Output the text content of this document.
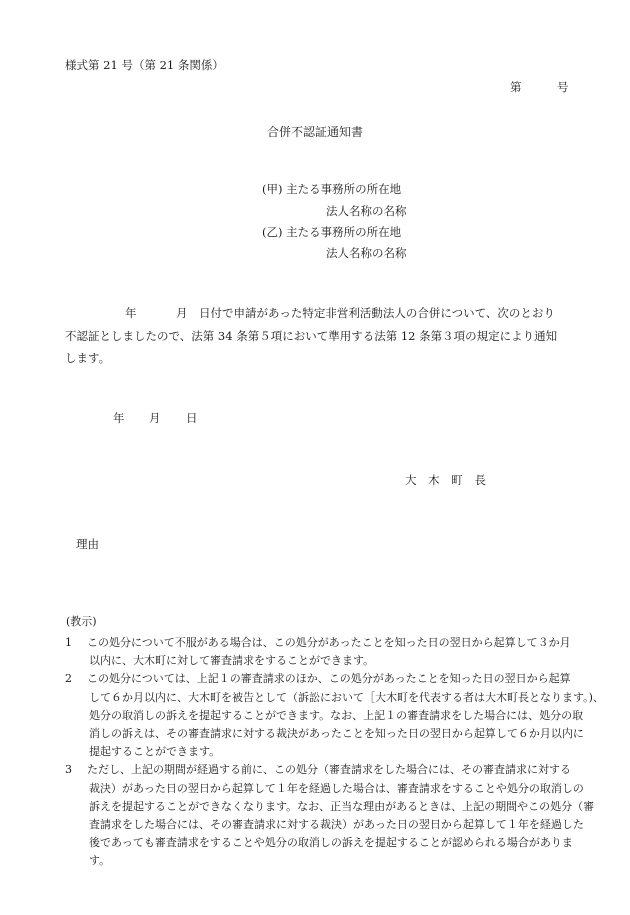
様式第 21 号（第 21 条関係）
第	号
合併不認証通知書
(甲) 主たる事務所の所在地
法人名称の名称
(乙) 主たる事務所の所在地
法人名称の名称
年	月 日付で申請があった特定非営利活動法人の合併について、次のとおり
不認証としましたので、法第 34 条第５項において準用する法第 12 条第３項の規定により通知
します。
年 月 日
大 木 町 長
理由
(教示)
1	この処分について不服がある場合は、この処分があったことを知った日の翌日から起算して３か月
以内に、大木町に対して審査請求をすることができます。
2	この処分については、上記１の審査請求のほか、この処分があったことを知った日の翌日から起算
して６か月以内に、大木町を被告として（訴訟において［大木町を代表する者は大木町長となります。)、
処分の取消しの訴えを提起することができます。なお、上記１の審査請求をした場合には、処分の取
消しの訴えは、その審査請求に対する裁決があったことを知った日の翌日から起算して６か月以内に
提起することができます。
3	ただし、上記の期間が経過する前に、この処分（審査請求をした場合には、その審査請求に対する
裁決）があった日の翌日から起算して１年を経過した場合は、審査請求をすることや処分の取消しの
訴えを提起することができなくなります。なお、正当な理由があるときは、上記の期間やこの処分（審
査請求をした場合には、その審査請求に対する裁決）があった日の翌日から起算して１年を経過した
後であっても審査請求をすることや処分の取消しの訴えを提起することが認められる場合がありま
す。
